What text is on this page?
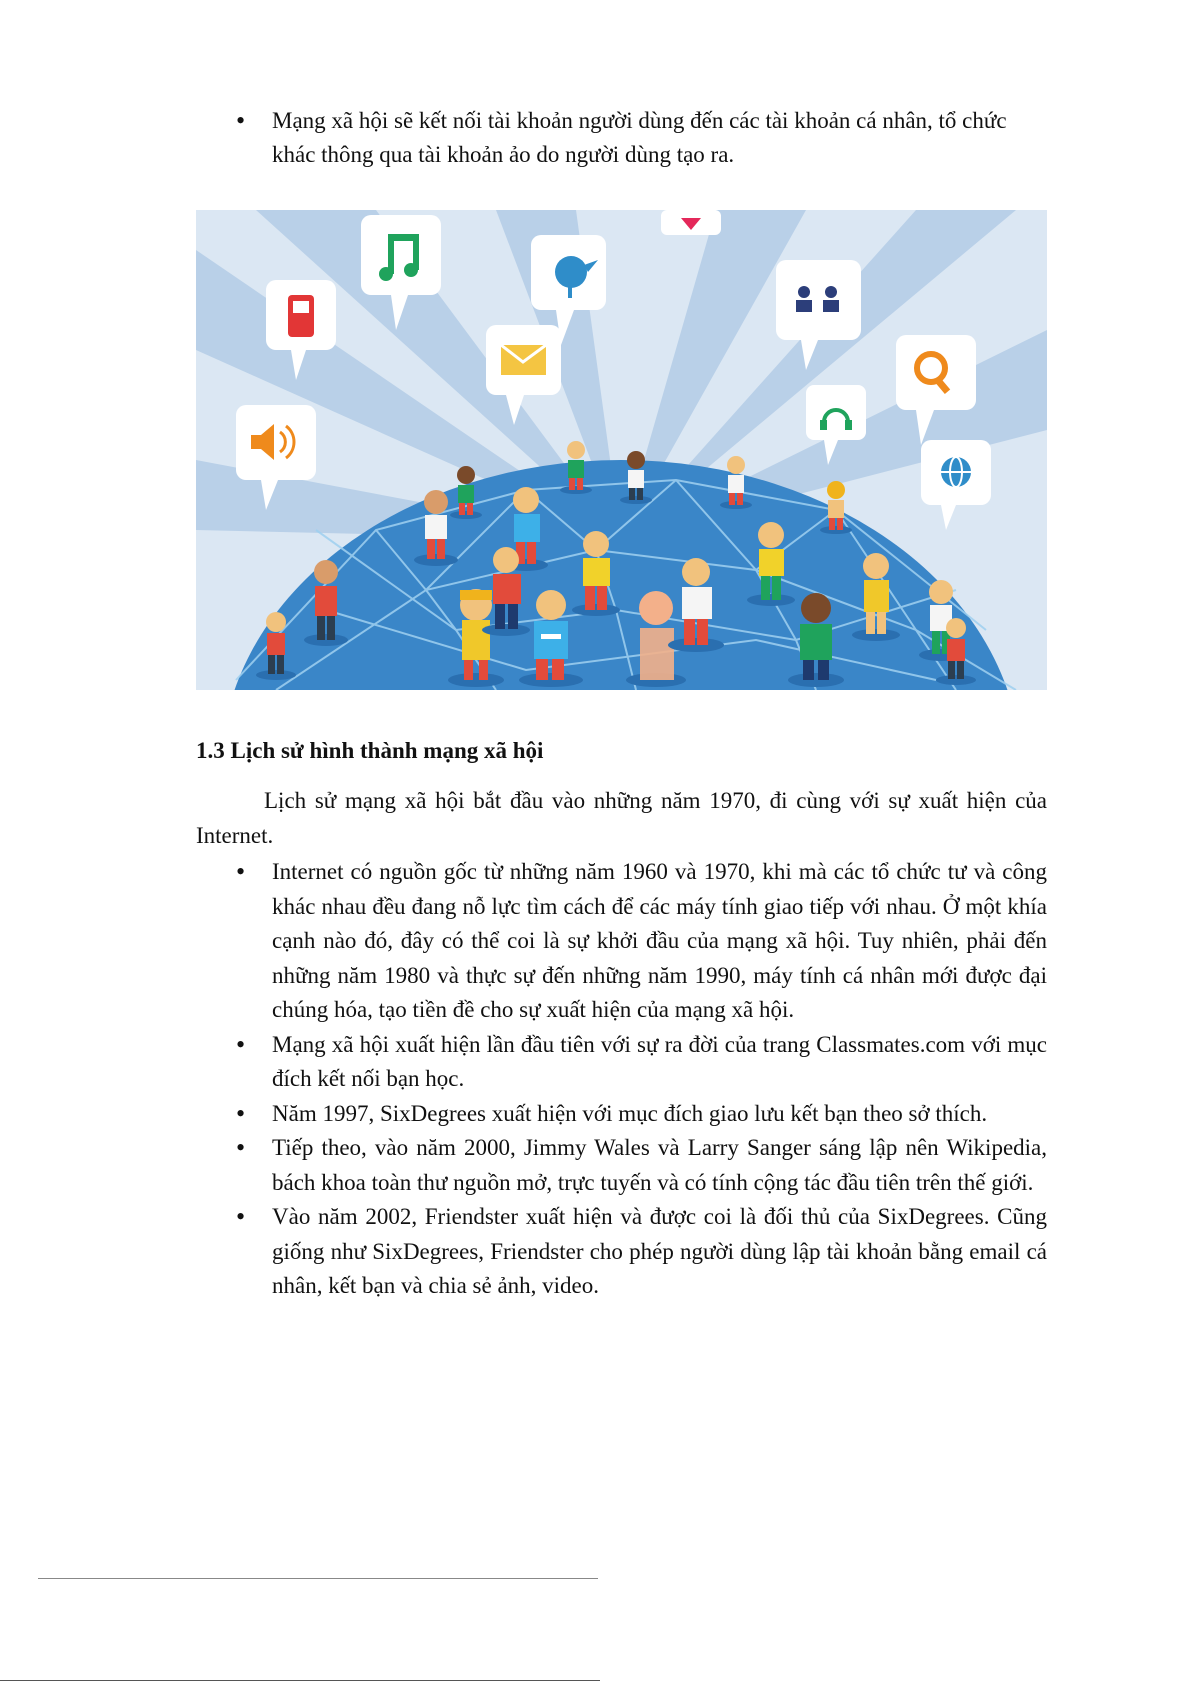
• Mạng xã hội sẽ kết nối tài khoản người dùng đến các tài khoản cá nhân, tổ chức khác thông qua tài khoản ảo do người dùng tạo ra.
1.3 Lịch sử hình thành mạng xã hội

Lịch sử mạng xã hội bắt đầu vào những năm 1970, đi cùng với sự xuất hiện của Internet.

• Internet có nguồn gốc từ những năm 1960 và 1970, khi mà các tổ chức tư và công khác nhau đều đang nỗ lực tìm cách để các máy tính giao tiếp với nhau. Ở một khía cạnh nào đó, đây có thể coi là sự khởi đầu của mạng xã hội. Tuy nhiên, phải đến những năm 1980 và thực sự đến những năm 1990, máy tính cá nhân mới được đại chúng hóa, tạo tiền đề cho sự xuất hiện của mạng xã hội.
• Mạng xã hội xuất hiện lần đầu tiên với sự ra đời của trang Classmates.com với mục đích kết nối bạn học.
• Năm 1997, SixDegrees xuất hiện với mục đích giao lưu kết bạn theo sở thích.
• Tiếp theo, vào năm 2000, Jimmy Wales và Larry Sanger sáng lập nên Wikipedia, bách khoa toàn thư nguồn mở, trực tuyến và có tính cộng tác đầu tiên trên thế giới.
• Vào năm 2002, Friendster xuất hiện và được coi là đối thủ của SixDegrees. Cũng giống như SixDegrees, Friendster cho phép người dùng lập tài khoản bằng email cá nhân, kết bạn và chia sẻ ảnh, video.
